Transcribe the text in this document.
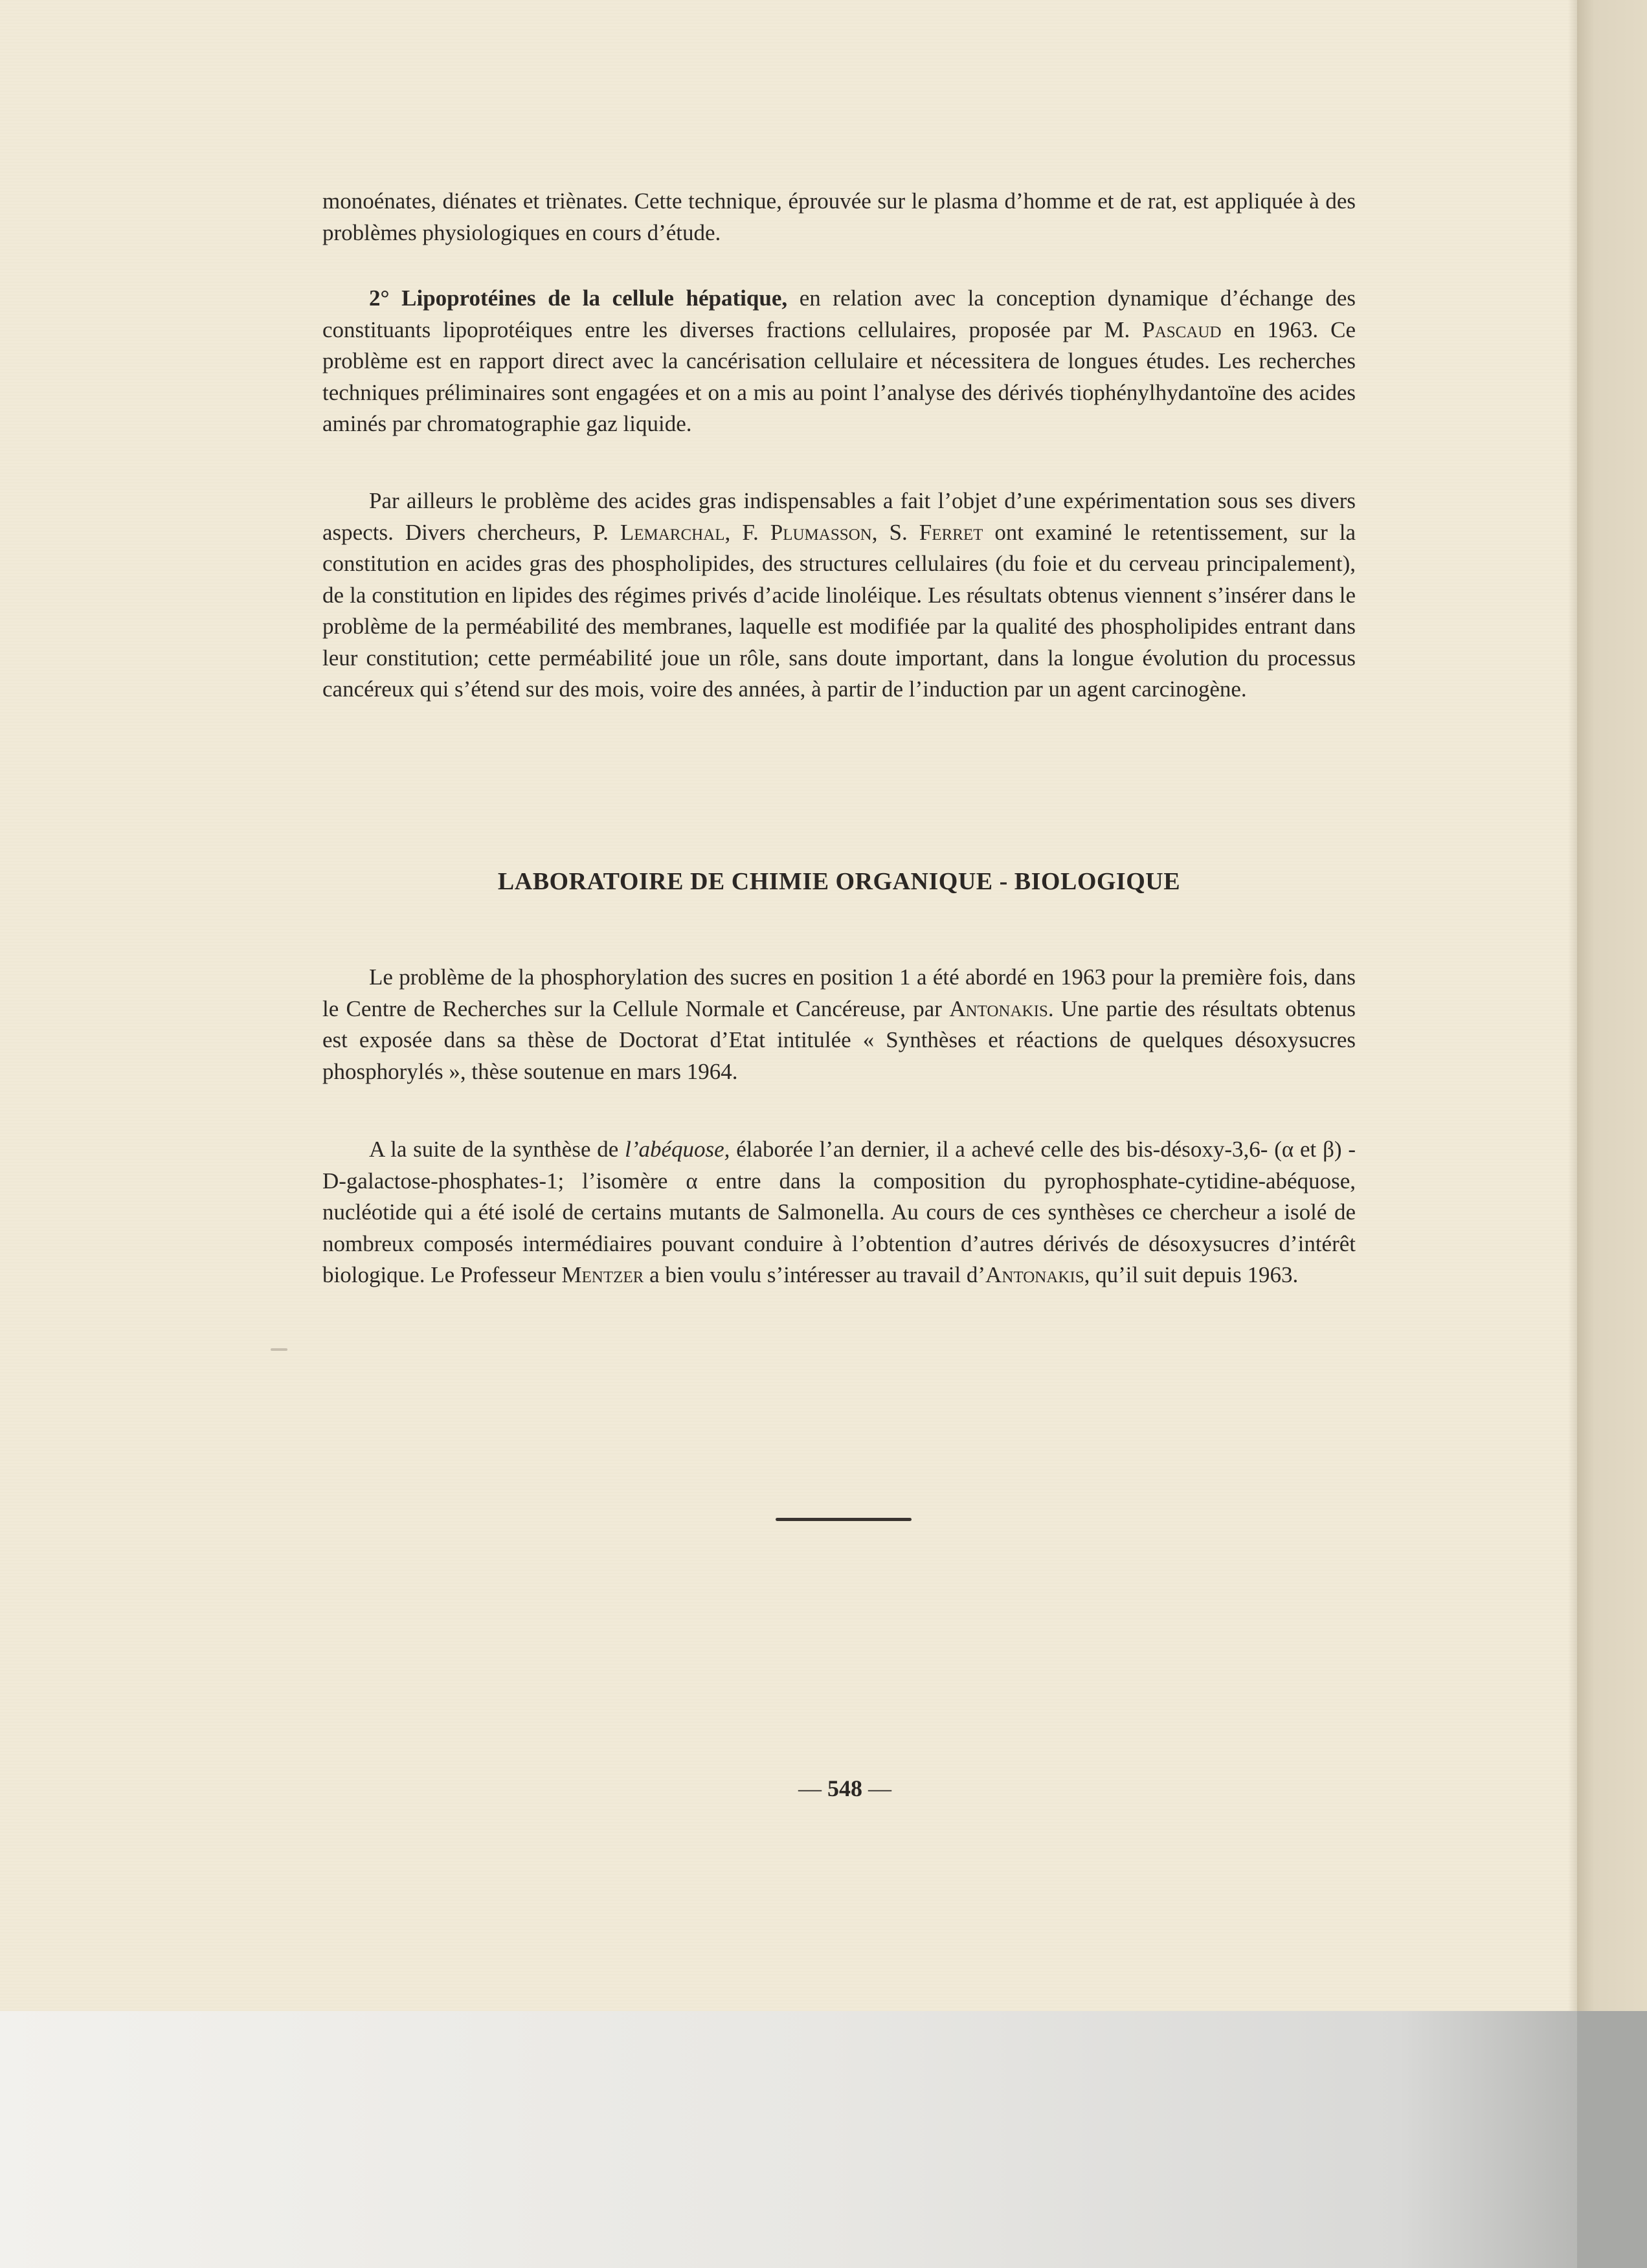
monoénates, diénates et triènates. Cette technique, éprouvée sur le plasma d’homme et de rat, est appliquée à des problèmes physiologiques en cours d’étude.

2° Lipoprotéines de la cellule hépatique, en relation avec la conception dynamique d’échange des constituants lipoprotéiques entre les diverses fractions cellulaires, proposée par M. Pascaud en 1963. Ce problème est en rapport direct avec la cancérisation cellulaire et nécessitera de longues études. Les recherches techniques préliminaires sont engagées et on a mis au point l’analyse des dérivés tiophénylhydantoïne des acides aminés par chromatographie gaz liquide.

Par ailleurs le problème des acides gras indispensables a fait l’objet d’une expérimentation sous ses divers aspects. Divers chercheurs, P. Lemarchal, F. Plumasson, S. Ferret ont examiné le retentissement, sur la constitution en acides gras des phospholipides, des structures cellulaires (du foie et du cerveau principalement), de la constitution en lipides des régimes privés d’acide linoléique. Les résultats obtenus viennent s’insérer dans le problème de la perméabilité des membranes, laquelle est modifiée par la qualité des phospholipides entrant dans leur constitution; cette perméabilité joue un rôle, sans doute important, dans la longue évolution du processus cancéreux qui s’étend sur des mois, voire des années, à partir de l’induction par un agent carcinogène.

LABORATOIRE DE CHIMIE ORGANIQUE - BIOLOGIQUE

Le problème de la phosphorylation des sucres en position 1 a été abordé en 1963 pour la première fois, dans le Centre de Recherches sur la Cellule Normale et Cancéreuse, par Antonakis. Une partie des résultats obtenus est exposée dans sa thèse de Doctorat d’Etat intitulée « Synthèses et réactions de quelques désoxysucres phosphorylés », thèse soutenue en mars 1964.

A la suite de la synthèse de l’abéquose, élaborée l’an dernier, il a achevé celle des bis-désoxy-3,6- (α et β) -D-galactose-phosphates-1; l’isomère α entre dans la composition du pyrophosphate-cytidine-abéquose, nucléotide qui a été isolé de certains mutants de Salmonella. Au cours de ces synthèses ce chercheur a isolé de nombreux composés intermédiaires pouvant conduire à l’obtention d’autres dérivés de désoxysucres d’intérêt biologique. Le Professeur Mentzer a bien voulu s’intéresser au travail d’Antonakis, qu’il suit depuis 1963.

— 548 —
